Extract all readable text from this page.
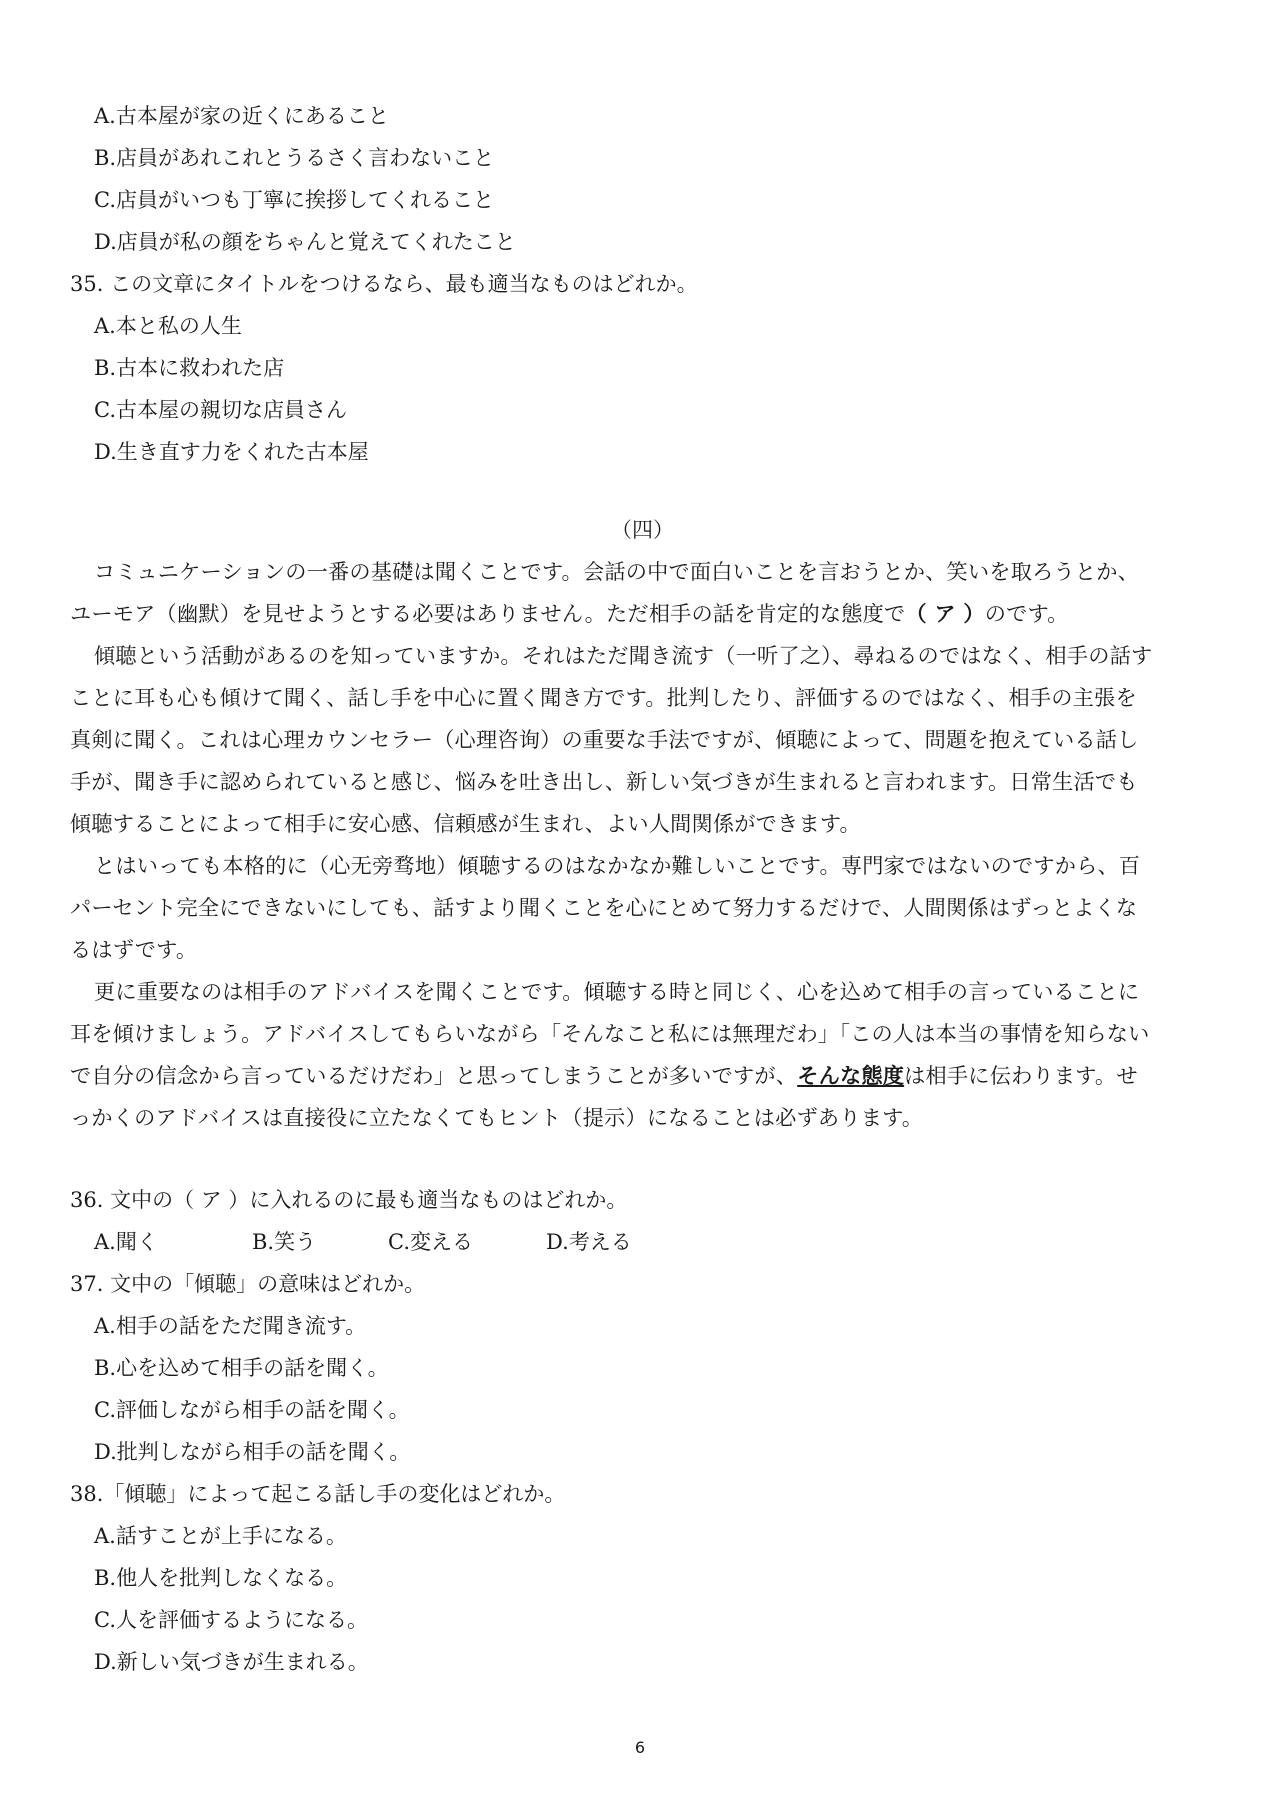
A.古本屋が家の近くにあること
B.店員があれこれとうるさく言わないこと
C.店員がいつも丁寧に挨拶してくれること
D.店員が私の顔をちゃんと覚えてくれたこと
35. この文章にタイトルをつけるなら、最も適当なものはどれか。
A.本と私の人生
B.古本に救われた店
C.古本屋の親切な店員さん
D.生き直す力をくれた古本屋
（四）
コミュニケーションの一番の基礎は聞くことです。会話の中で面白いことを言おうとか、笑いを取ろうとか、
ユーモア（幽默）を見せようとする必要はありません。ただ相手の話を肯定的な態度で（ ア ）のです。
傾聴という活動があるのを知っていますか。それはただ聞き流す（一听了之）、尋ねるのではなく、相手の話す
ことに耳も心も傾けて聞く、話し手を中心に置く聞き方です。批判したり、評価するのではなく、相手の主張を
真剣に聞く。これは心理カウンセラー（心理咨询）の重要な手法ですが、傾聴によって、問題を抱えている話し
手が、聞き手に認められていると感じ、悩みを吐き出し、新しい気づきが生まれると言われます。日常生活でも
傾聴することによって相手に安心感、信頼感が生まれ、よい人間関係ができます。
とはいっても本格的に（心无旁骛地）傾聴するのはなかなか難しいことです。専門家ではないのですから、百
パーセント完全にできないにしても、話すより聞くことを心にとめて努力するだけで、人間関係はずっとよくな
るはずです。
更に重要なのは相手のアドバイスを聞くことです。傾聴する時と同じく、心を込めて相手の言っていることに
耳を傾けましょう。アドバイスしてもらいながら「そんなこと私には無理だわ」「この人は本当の事情を知らない
で自分の信念から言っているだけだわ」と思ってしまうことが多いですが、そんな態度は相手に伝わります。せ
っかくのアドバイスは直接役に立たなくてもヒント（提示）になることは必ずあります。
36. 文中の（ ア ）に入れるのに最も適当なものはどれか。
A.聞く	B.笑う	C.変える	D.考える
37. 文中の「傾聴」の意味はどれか。
A.相手の話をただ聞き流す。
B.心を込めて相手の話を聞く。
C.評価しながら相手の話を聞く。
D.批判しながら相手の話を聞く。
38.「傾聴」によって起こる話し手の変化はどれか。
A.話すことが上手になる。
B.他人を批判しなくなる。
C.人を評価するようになる。
D.新しい気づきが生まれる。
6
